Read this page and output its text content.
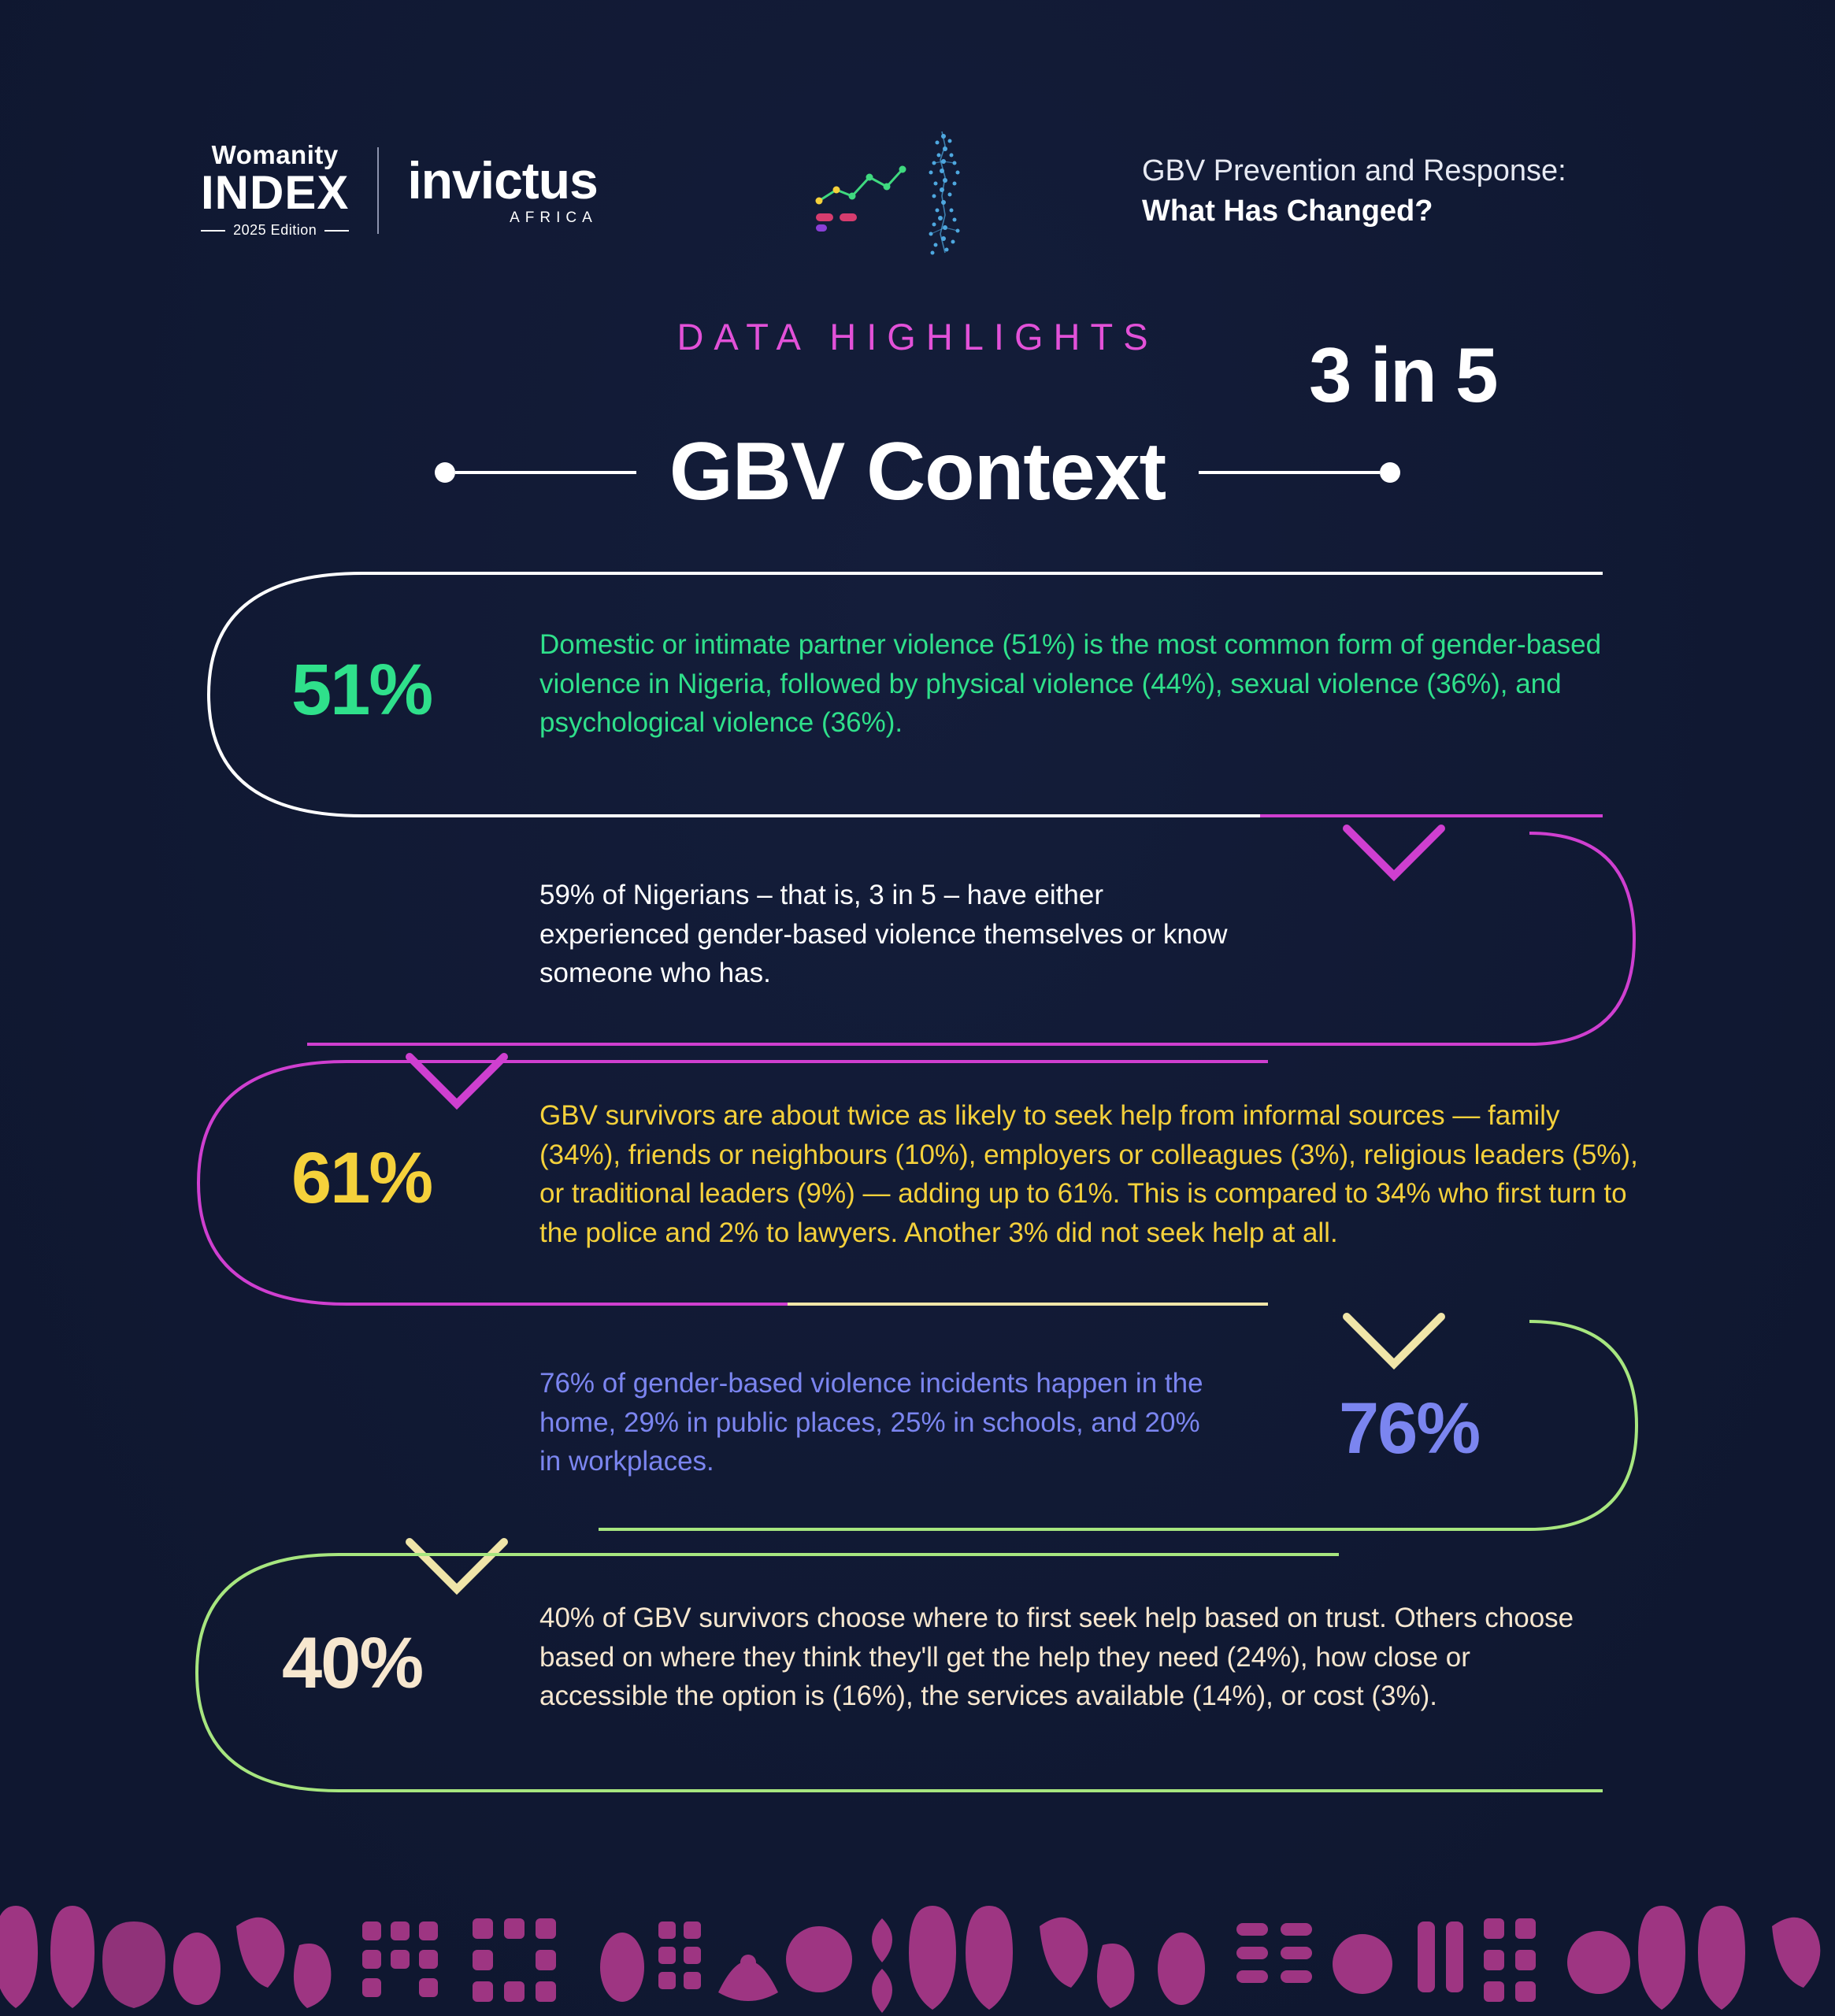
Womanity
INDEX
2025 Edition
invictus
AFRICA
GBV Prevention and Response:
What Has Changed?
DATA HIGHLIGHTS
GBV Context
51%
Domestic or intimate partner violence (51%) is the most common form of gender-based violence in Nigeria, followed by physical violence (44%), sexual violence (36%), and psychological violence (36%).
3 in 5
59% of Nigerians – that is, 3 in 5 – have either experienced gender-based violence themselves or know someone who has.
61%
GBV survivors are about twice as likely to seek help from informal sources — family (34%), friends or neighbours (10%), employers or colleagues (3%), religious leaders (5%), or traditional leaders (9%) — adding up to 61%. This is compared to 34% who first turn to the police and 2% to lawyers. Another 3% did not seek help at all.
76%
76% of gender-based violence incidents happen in the home, 29% in public places, 25% in schools, and 20% in workplaces.
40%
40% of GBV survivors choose where to first seek help based on trust. Others choose based on where they think they'll get the help they need (24%), how close or accessible the option is (16%), the services available (14%), or cost (3%).
